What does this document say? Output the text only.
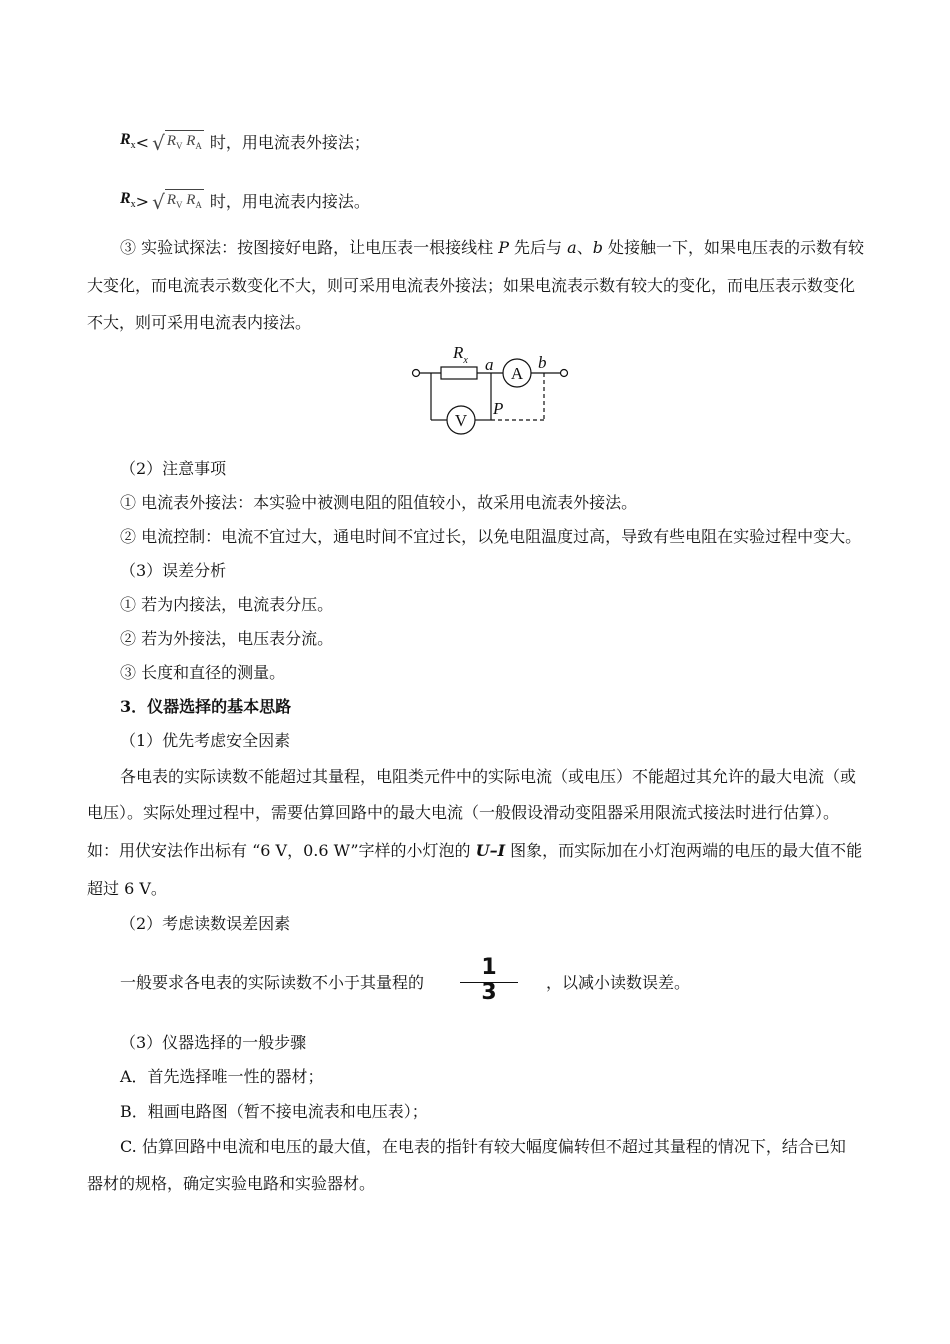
$R_x$ < √ $R_V$ $R_A$ 时，用电流表外接法；
$R_x$ > √ $R_V$ $R_A$ 时，用电流表内接法。
③ 实验试探法：按图接好电路，让电压表一根接线柱 P 先后与 a、b 处接触一下，如果电压表的示数有较
大变化，而电流表示数变化不大，则可采用电流表外接法；如果电流表示数有较大的变化，而电压表示数变化
不大，则可采用电流表内接法。
A
V
$R_x$ a	b
P
（2）注意事项
① 电流表外接法：本实验中被测电阻的阻值较小，故采用电流表外接法。
② 电流控制：电流不宜过大，通电时间不宜过长，以免电阻温度过高，导致有些电阻在实验过程中变大。
（3）误差分析
① 若为内接法，电流表分压。
② 若为外接法，电压表分流。
③ 长度和直径的测量。
3．仪器选择的基本思路
（1）优先考虑安全因素
各电表的实际读数不能超过其量程，电阻类元件中的实际电流（或电压）不能超过其允许的最大电流（或
电压）。实际处理过程中，需要估算回路中的最大电流（一般假设滑动变阻器采用限流式接法时进行估算）。
如：用伏安法作出标有 “6 V，0.6 W”字样的小灯泡的 U–I 图象，而实际加在小灯泡两端的电压的最大值不能
超过 6 V。
（2）考虑读数误差因素
一般要求各电表的实际读数不小于其量程的
1
3	，以减小读数误差。
（3）仪器选择的一般步骤
A．首先选择唯一性的器材；
B．粗画电路图（暂不接电流表和电压表）；
C. 估算回路中电流和电压的最大值，在电表的指针有较大幅度偏转但不超过其量程的情况下，结合已知
器材的规格，确定实验电路和实验器材。
